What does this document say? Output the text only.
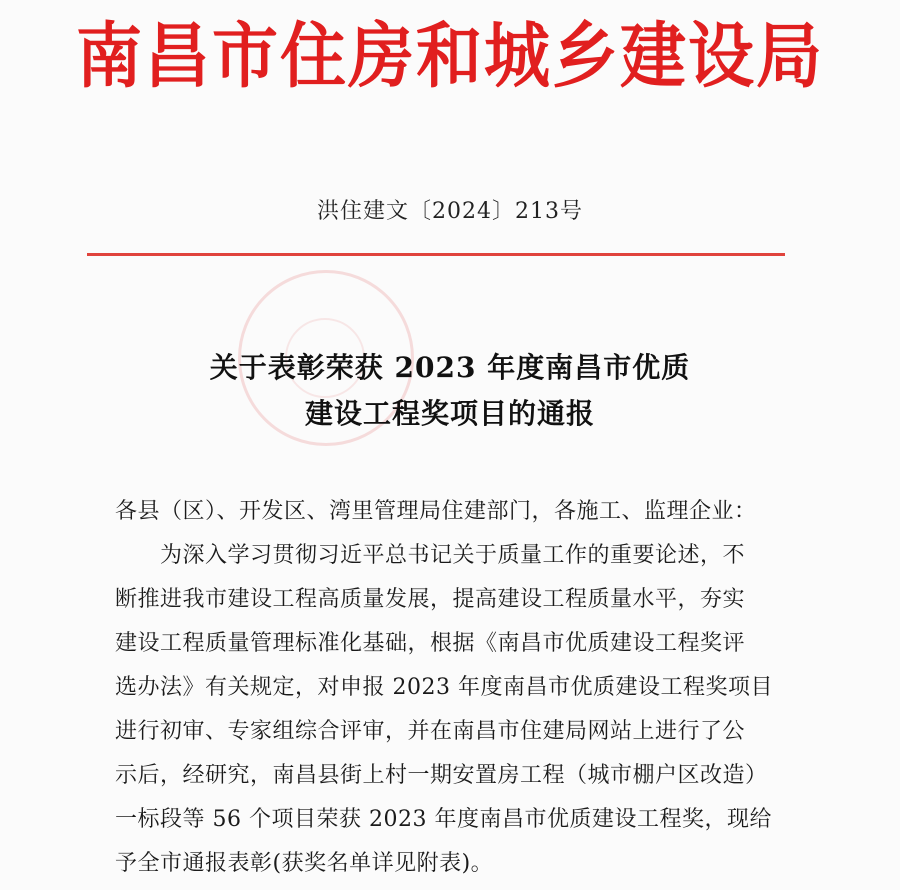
南昌市住房和城乡建设局
洪住建文〔2024〕213号
关于表彰荣获 2023 年度南昌市优质
建设工程奖项目的通报
各县（区）、开发区、湾里管理局住建部门，各施工、监理企业：
　　为深入学习贯彻习近平总书记关于质量工作的重要论述，不
断推进我市建设工程高质量发展，提高建设工程质量水平，夯实
建设工程质量管理标准化基础，根据《南昌市优质建设工程奖评
选办法》有关规定，对申报 2023 年度南昌市优质建设工程奖项目
进行初审、专家组综合评审，并在南昌市住建局网站上进行了公
示后，经研究，南昌县街上村一期安置房工程（城市棚户区改造）
一标段等 56 个项目荣获 2023 年度南昌市优质建设工程奖，现给
予全市通报表彰(获奖名单详见附表)。
